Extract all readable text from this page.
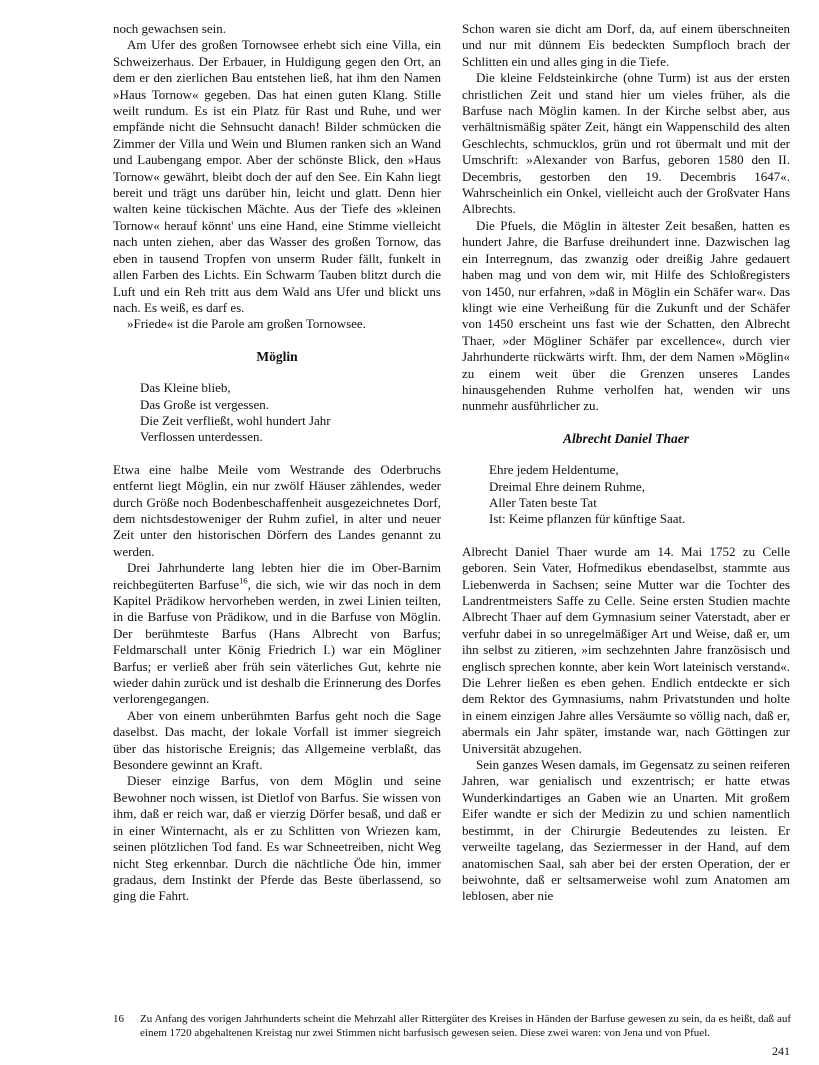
noch gewachsen sein.

Am Ufer des großen Tornowsee erhebt sich eine Villa, ein Schweizerhaus. Der Erbauer, in Huldigung gegen den Ort, an dem er den zierlichen Bau entstehen ließ, hat ihm den Namen »Haus Tornow« gegeben. Das hat einen guten Klang. Stille weilt rundum. Es ist ein Platz für Rast und Ruhe, und wer empfände nicht die Sehnsucht danach! Bilder schmücken die Zimmer der Villa und Wein und Blumen ranken sich an Wand und Laubengang empor. Aber der schönste Blick, den »Haus Tornow« gewährt, bleibt doch der auf den See. Ein Kahn liegt bereit und trägt uns darüber hin, leicht und glatt. Denn hier walten keine tückischen Mächte. Aus der Tiefe des »kleinen Tornow« herauf könnt' uns eine Hand, eine Stimme vielleicht nach unten ziehen, aber das Wasser des großen Tornow, das eben in tausend Tropfen von unserm Ruder fällt, funkelt in allen Farben des Lichts. Ein Schwarm Tauben blitzt durch die Luft und ein Reh tritt aus dem Wald ans Ufer und blickt uns nach. Es weiß, es darf es.

»Friede« ist die Parole am großen Tornowsee.

Möglin
Das Kleine blieb,
Das Große ist vergessen.
Die Zeit verfließt, wohl hundert Jahr
Verflossen unterdessen.

Etwa eine halbe Meile vom Westrande des Oderbruchs entfernt liegt Möglin, ein nur zwölf Häuser zählendes, weder durch Größe noch Bodenbeschaffenheit ausgezeichnetes Dorf, dem nichtsdestoweniger der Ruhm zufiel, in alter und neuer Zeit unter den historischen Dörfern des Landes genannt zu werden.

Drei Jahrhunderte lang lebten hier die im Ober-Barnim reichbegüterten Barfuse$^{16}$, die sich, wie wir das noch in dem Kapitel Prädikow hervorheben werden, in zwei Linien teilten, in die Barfuse von Prädikow, und in die Barfuse von Möglin. Der berühmteste Barfus (Hans Albrecht von Barfus; Feldmarschall unter König Friedrich I.) war ein Mögliner Barfus; er verließ aber früh sein väterliches Gut, kehrte nie wieder dahin zurück und ist deshalb die Erinnerung des Dorfes verlorengegangen.

Aber von einem unberühmten Barfus geht noch die Sage daselbst. Das macht, der lokale Vorfall ist immer siegreich über das historische Ereignis; das Allgemeine verblaßt, das Besondere gewinnt an Kraft.

Dieser einzige Barfus, von dem Möglin und seine Bewohner noch wissen, ist Dietlof von Barfus. Sie wissen von ihm, daß er reich war, daß er vierzig Dörfer besaß, und daß er in einer Winternacht, als er zu Schlitten von Wriezen kam, seinen plötzlichen Tod fand. Es war Schneetreiben, nicht Weg nicht Steg erkennbar. Durch die nächtliche Öde hin, immer gradaus, dem Instinkt der Pferde das Beste überlassend, so ging die Fahrt.

Schon waren sie dicht am Dorf, da, auf einem überschneiten und nur mit dünnem Eis bedeckten Sumpfloch brach der Schlitten ein und alles ging in die Tiefe.

Die kleine Feldsteinkirche (ohne Turm) ist aus der ersten christlichen Zeit und stand hier um vieles früher, als die Barfuse nach Möglin kamen. In der Kirche selbst aber, aus verhältnismäßig später Zeit, hängt ein Wappenschild des alten Geschlechts, schmucklos, grün und rot übermalt und mit der Umschrift: »Alexander von Barfus, geboren 1580 den II. Decembris, gestorben den 19. Decembris 1647«. Wahrscheinlich ein Onkel, vielleicht auch der Großvater Hans Albrechts.

Die Pfuels, die Möglin in ältester Zeit besaßen, hatten es hundert Jahre, die Barfuse dreihundert inne. Dazwischen lag ein Interregnum, das zwanzig oder dreißig Jahre gedauert haben mag und von dem wir, mit Hilfe des Schloßregisters von 1450, nur erfahren, »daß in Möglin ein Schäfer war«. Das klingt wie eine Verheißung für die Zukunft und der Schäfer von 1450 erscheint uns fast wie der Schatten, den Albrecht Thaer, »der Mögliner Schäfer par excellence«, durch vier Jahrhunderte rückwärts wirft. Ihm, der dem Namen »Möglin« zu einem weit über die Grenzen unseres Landes hinausgehenden Ruhme verholfen hat, wenden wir uns nunmehr ausführlicher zu.

Albrecht Daniel Thaer
Ehre jedem Heldentume,
Dreimal Ehre deinem Ruhme,
Aller Taten beste Tat
Ist: Keime pflanzen für künftige Saat.

Albrecht Daniel Thaer wurde am 14. Mai 1752 zu Celle geboren. Sein Vater, Hofmedikus ebendaselbst, stammte aus Liebenwerda in Sachsen; seine Mutter war die Tochter des Landrentmeisters Saffe zu Celle. Seine ersten Studien machte Albrecht Thaer auf dem Gymnasium seiner Vaterstadt, aber er verfuhr dabei in so unregelmäßiger Art und Weise, daß er, um ihn selbst zu zitieren, »im sechzehnten Jahre französisch und englisch sprechen konnte, aber kein Wort lateinisch verstand«. Die Lehrer ließen es eben gehen. Endlich entdeckte er sich dem Rektor des Gymnasiums, nahm Privatstunden und holte in einem einzigen Jahre alles Versäumte so völlig nach, daß er, abermals ein Jahr später, imstande war, nach Göttingen zur Universität abzugehen.

Sein ganzes Wesen damals, im Gegensatz zu seinen reiferen Jahren, war genialisch und exzentrisch; er hatte etwas Wunderkindartiges an Gaben wie an Unarten. Mit großem Eifer wandte er sich der Medizin zu und schien namentlich bestimmt, in der Chirurgie Bedeutendes zu leisten. Er verweilte tagelang, das Seziermesser in der Hand, auf dem anatomischen Saal, sah aber bei der ersten Operation, der er beiwohnte, daß er seltsamerweise wohl zum Anatomen am leblosen, aber nie

16	Zu Anfang des vorigen Jahrhunderts scheint die Mehrzahl aller Rittergüter des Kreises in Händen der Barfuse gewesen zu sein, da es heißt, daß auf einem 1720 abgehaltenen Kreistag nur zwei Stimmen nicht barfusisch gewesen seien. Diese zwei waren: von Jena und von Pfuel.
241
